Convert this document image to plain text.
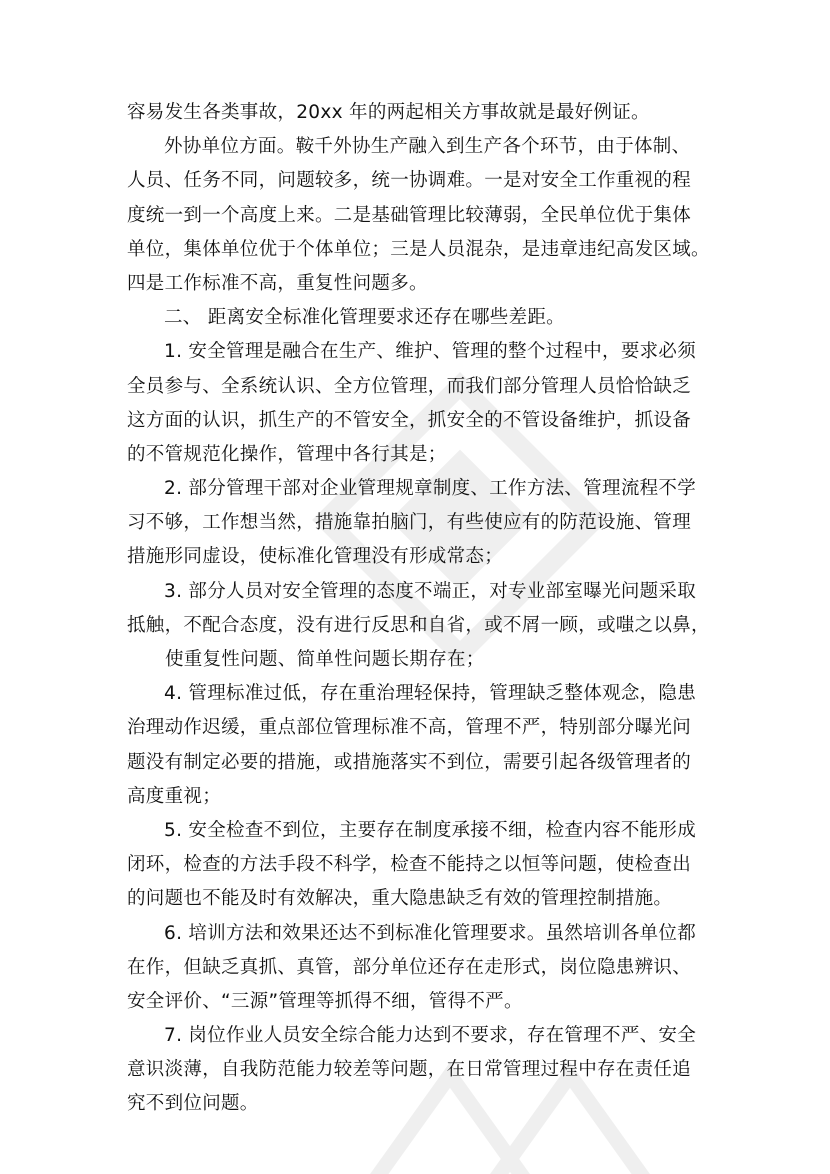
容易发生各类事故，20xx 年的两起相关方事故就是最好例证。
外协单位方面。鞍千外协生产融入到生产各个环节，由于体制、
人员、任务不同，问题较多，统一协调难。一是对安全工作重视的程
度统一到一个高度上来。二是基础管理比较薄弱，全民单位优于集体
单位，集体单位优于个体单位；三是人员混杂，是违章违纪高发区域。
四是工作标准不高，重复性问题多。
二、 距离安全标准化管理要求还存在哪些差距。
1. 安全管理是融合在生产、维护、管理的整个过程中，要求必须
全员参与、全系统认识、全方位管理，而我们部分管理人员恰恰缺乏
这方面的认识，抓生产的不管安全，抓安全的不管设备维护，抓设备
的不管规范化操作，管理中各行其是；
2. 部分管理干部对企业管理规章制度、工作方法、管理流程不学
习不够，工作想当然，措施靠拍脑门，有些使应有的防范设施、管理
措施形同虚设，使标准化管理没有形成常态；
3. 部分人员对安全管理的态度不端正，对专业部室曝光问题采取
抵触，不配合态度，没有进行反思和自省，或不屑一顾，或嗤之以鼻，
使重复性问题、简单性问题长期存在；
4. 管理标准过低，存在重治理轻保持，管理缺乏整体观念，隐患
治理动作迟缓，重点部位管理标准不高，管理不严，特别部分曝光问
题没有制定必要的措施，或措施落实不到位，需要引起各级管理者的
高度重视；
5. 安全检查不到位，主要存在制度承接不细，检查内容不能形成
闭环，检查的方法手段不科学，检查不能持之以恒等问题，使检查出
的问题也不能及时有效解决，重大隐患缺乏有效的管理控制措施。
6. 培训方法和效果还达不到标准化管理要求。虽然培训各单位都
在作，但缺乏真抓、真管，部分单位还存在走形式，岗位隐患辨识、
安全评价、“三源”管理等抓得不细，管得不严。
7. 岗位作业人员安全综合能力达到不要求，存在管理不严、安全
意识淡薄，自我防范能力较差等问题，在日常管理过程中存在责任追
究不到位问题。
